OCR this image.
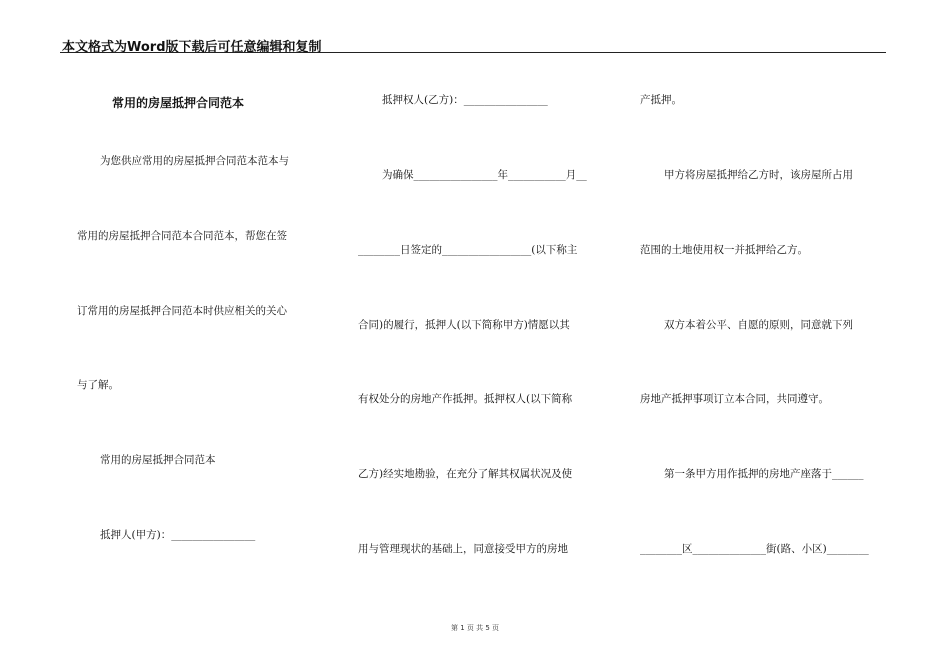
本文格式为Word版下载后可任意编辑和复制
常用的房屋抵押合同范本
为您供应常用的房屋抵押合同范本范本与
常用的房屋抵押合同范本合同范本，帮您在签
订常用的房屋抵押合同范本时供应相关的关心
与了解。
常用的房屋抵押合同范本
抵押人(甲方)：________________
抵押权人(乙方)：________________
为确保________________年___________月__
________日签定的_________________(以下称主
合同)的履行，抵押人(以下简称甲方)情愿以其
有权处分的房地产作抵押。抵押权人(以下简称
乙方)经实地勘验，在充分了解其权属状况及使
用与管理现状的基础上，同意接受甲方的房地
产抵押。
甲方将房屋抵押给乙方时，该房屋所占用
范围的土地使用权一并抵押给乙方。
双方本着公平、自愿的原则，同意就下列
房地产抵押事项订立本合同，共同遵守。
第一条甲方用作抵押的房地产座落于______
________区______________街(路、小区)________
第 1 页 共 5 页
